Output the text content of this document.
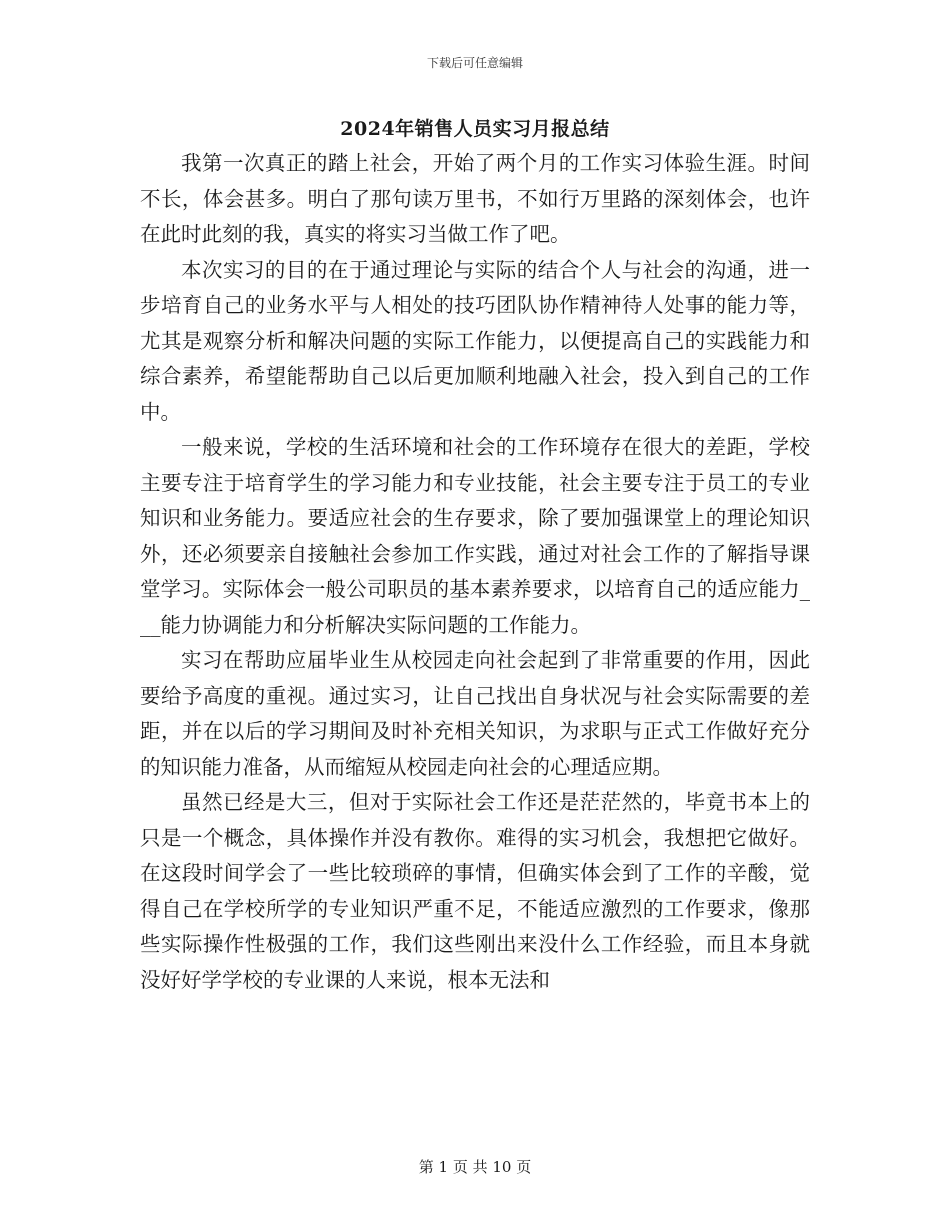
下载后可任意编辑
2024年销售人员实习月报总结

我第一次真正的踏上社会，开始了两个月的工作实习体验生涯。时间不长，体会甚多。明白了那句读万里书，不如行万里路的深刻体会，也许在此时此刻的我，真实的将实习当做工作了吧。

本次实习的目的在于通过理论与实际的结合个人与社会的沟通，进一步培育自己的业务水平与人相处的技巧团队协作精神待人处事的能力等，尤其是观察分析和解决问题的实际工作能力，以便提高自己的实践能力和综合素养，希望能帮助自己以后更加顺利地融入社会，投入到自己的工作中。

一般来说，学校的生活环境和社会的工作环境存在很大的差距，学校主要专注于培育学生的学习能力和专业技能，社会主要专注于员工的专业知识和业务能力。要适应社会的生存要求，除了要加强课堂上的理论知识外，还必须要亲自接触社会参加工作实践，通过对社会工作的了解指导课堂学习。实际体会一般公司职员的基本素养要求，以培育自己的适应能力___能力协调能力和分析解决实际问题的工作能力。

实习在帮助应届毕业生从校园走向社会起到了非常重要的作用，因此要给予高度的重视。通过实习，让自己找出自身状况与社会实际需要的差距，并在以后的学习期间及时补充相关知识，为求职与正式工作做好充分的知识能力准备，从而缩短从校园走向社会的心理适应期。

虽然已经是大三，但对于实际社会工作还是茫茫然的，毕竟书本上的只是一个概念，具体操作并没有教你。难得的实习机会，我想把它做好。在这段时间学会了一些比较琐碎的事情，但确实体会到了工作的辛酸，觉得自己在学校所学的专业知识严重不足，不能适应激烈的工作要求，像那些实际操作性极强的工作，我们这些刚出来没什么工作经验，而且本身就没好好学学校的专业课的人来说，根本无法和

第 1 页 共 10 页
